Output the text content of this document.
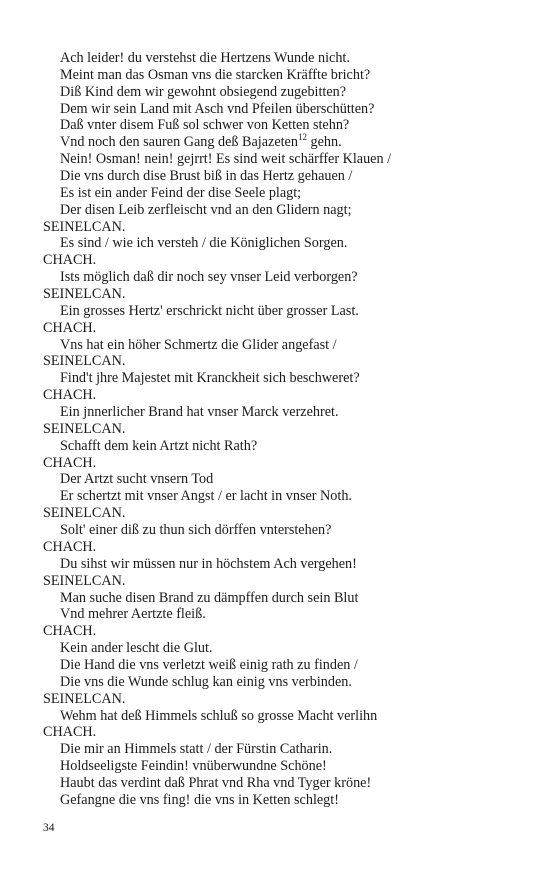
Ach leider! du verstehst die Hertzens Wunde nicht.
Meint man das Osman vns die starcken Kräffte bricht?
Diß Kind dem wir gewohnt obsiegend zugebitten?
Dem wir sein Land mit Asch vnd Pfeilen überschütten?
Daß vnter disem Fuß sol schwer von Ketten stehn?
Vnd noch den sauren Gang deß Bajazeten$^{12}$ gehn.
Nein! Osman! nein! gejrrt! Es sind weit schärffer Klauen /
Die vns durch dise Brust biß in das Hertz gehauen /
Es ist ein ander Feind der dise Seele plagt;
Der disen Leib zerfleischt vnd an den Glidern nagt;
SEINELCAN.
Es sind / wie ich versteh / die Königlichen Sorgen.
CHACH.
Ists möglich daß dir noch sey vnser Leid verborgen?
SEINELCAN.
Ein grosses Hertz' erschrickt nicht über grosser Last.
CHACH.
Vns hat ein höher Schmertz die Glider angefast /
SEINELCAN.
Find't jhre Majestet mit Kranckheit sich beschweret?
CHACH.
Ein jnnerlicher Brand hat vnser Marck verzehret.
SEINELCAN.
Schafft dem kein Artzt nicht Rath?
CHACH.
Der Artzt sucht vnsern Tod
Er schertzt mit vnser Angst / er lacht in vnser Noth.
SEINELCAN.
Solt' einer diß zu thun sich dörffen vnterstehen?
CHACH.
Du sihst wir müssen nur in höchstem Ach vergehen!
SEINELCAN.
Man suche disen Brand zu dämpffen durch sein Blut
Vnd mehrer Aertzte fleiß.
CHACH.
Kein ander lescht die Glut.
Die Hand die vns verletzt weiß einig rath zu finden /
Die vns die Wunde schlug kan einig vns verbinden.
SEINELCAN.
Wehm hat deß Himmels schluß so grosse Macht verlihn
CHACH.
Die mir an Himmels statt / der Fürstin Catharin.
Holdseeligste Feindin! vnüberwundne Schöne!
Haubt das verdint daß Phrat vnd Rha vnd Tyger kröne!
Gefangne die vns fing! die vns in Ketten schlegt!
34
